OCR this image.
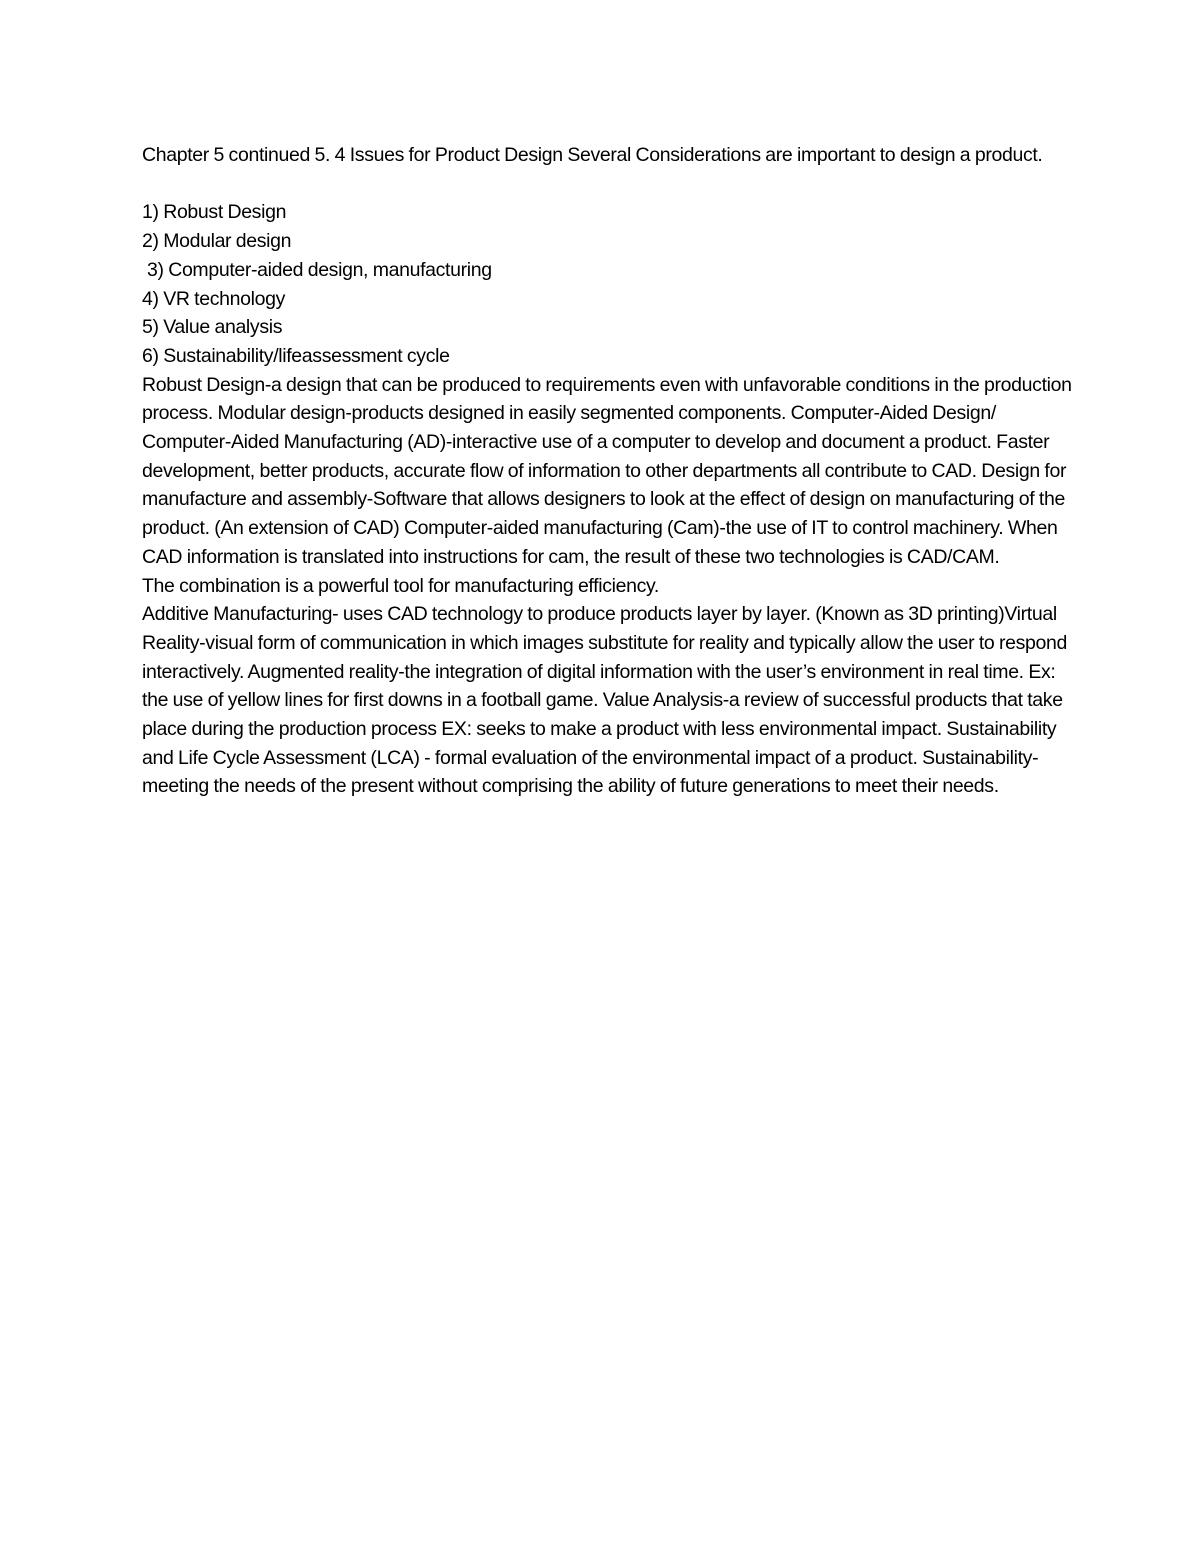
Chapter 5 continued 5. 4 Issues for Product Design Several Considerations are important to design a product.

1) Robust Design
2) Modular design
3) Computer-aided design, manufacturing
4) VR technology
5) Value analysis
6) Sustainability/lifeassessment cycle

Robust Design-a design that can be produced to requirements even with unfavorable conditions in the production process. Modular design-products designed in easily segmented components. Computer-Aided Design/ Computer-Aided Manufacturing (AD)-interactive use of a computer to develop and document a product. Faster development, better products, accurate flow of information to other departments all contribute to CAD. Design for manufacture and assembly-Software that allows designers to look at the effect of design on manufacturing of the product. (An extension of CAD) Computer-aided manufacturing (Cam)-the use of IT to control machinery. When CAD information is translated into instructions for cam, the result of these two technologies is CAD/CAM.

The combination is a powerful tool for manufacturing efficiency.

Additive Manufacturing- uses CAD technology to produce products layer by layer. (Known as 3D printing)Virtual Reality-visual form of communication in which images substitute for reality and typically allow the user to respond interactively. Augmented reality-the integration of digital information with the user’s environment in real time. Ex: the use of yellow lines for first downs in a football game. Value Analysis-a review of successful products that take place during the production process EX: seeks to make a product with less environmental impact. Sustainability and Life Cycle Assessment (LCA) - formal evaluation of the environmental impact of a product. Sustainability-meeting the needs of the present without comprising the ability of future generations to meet their needs.
